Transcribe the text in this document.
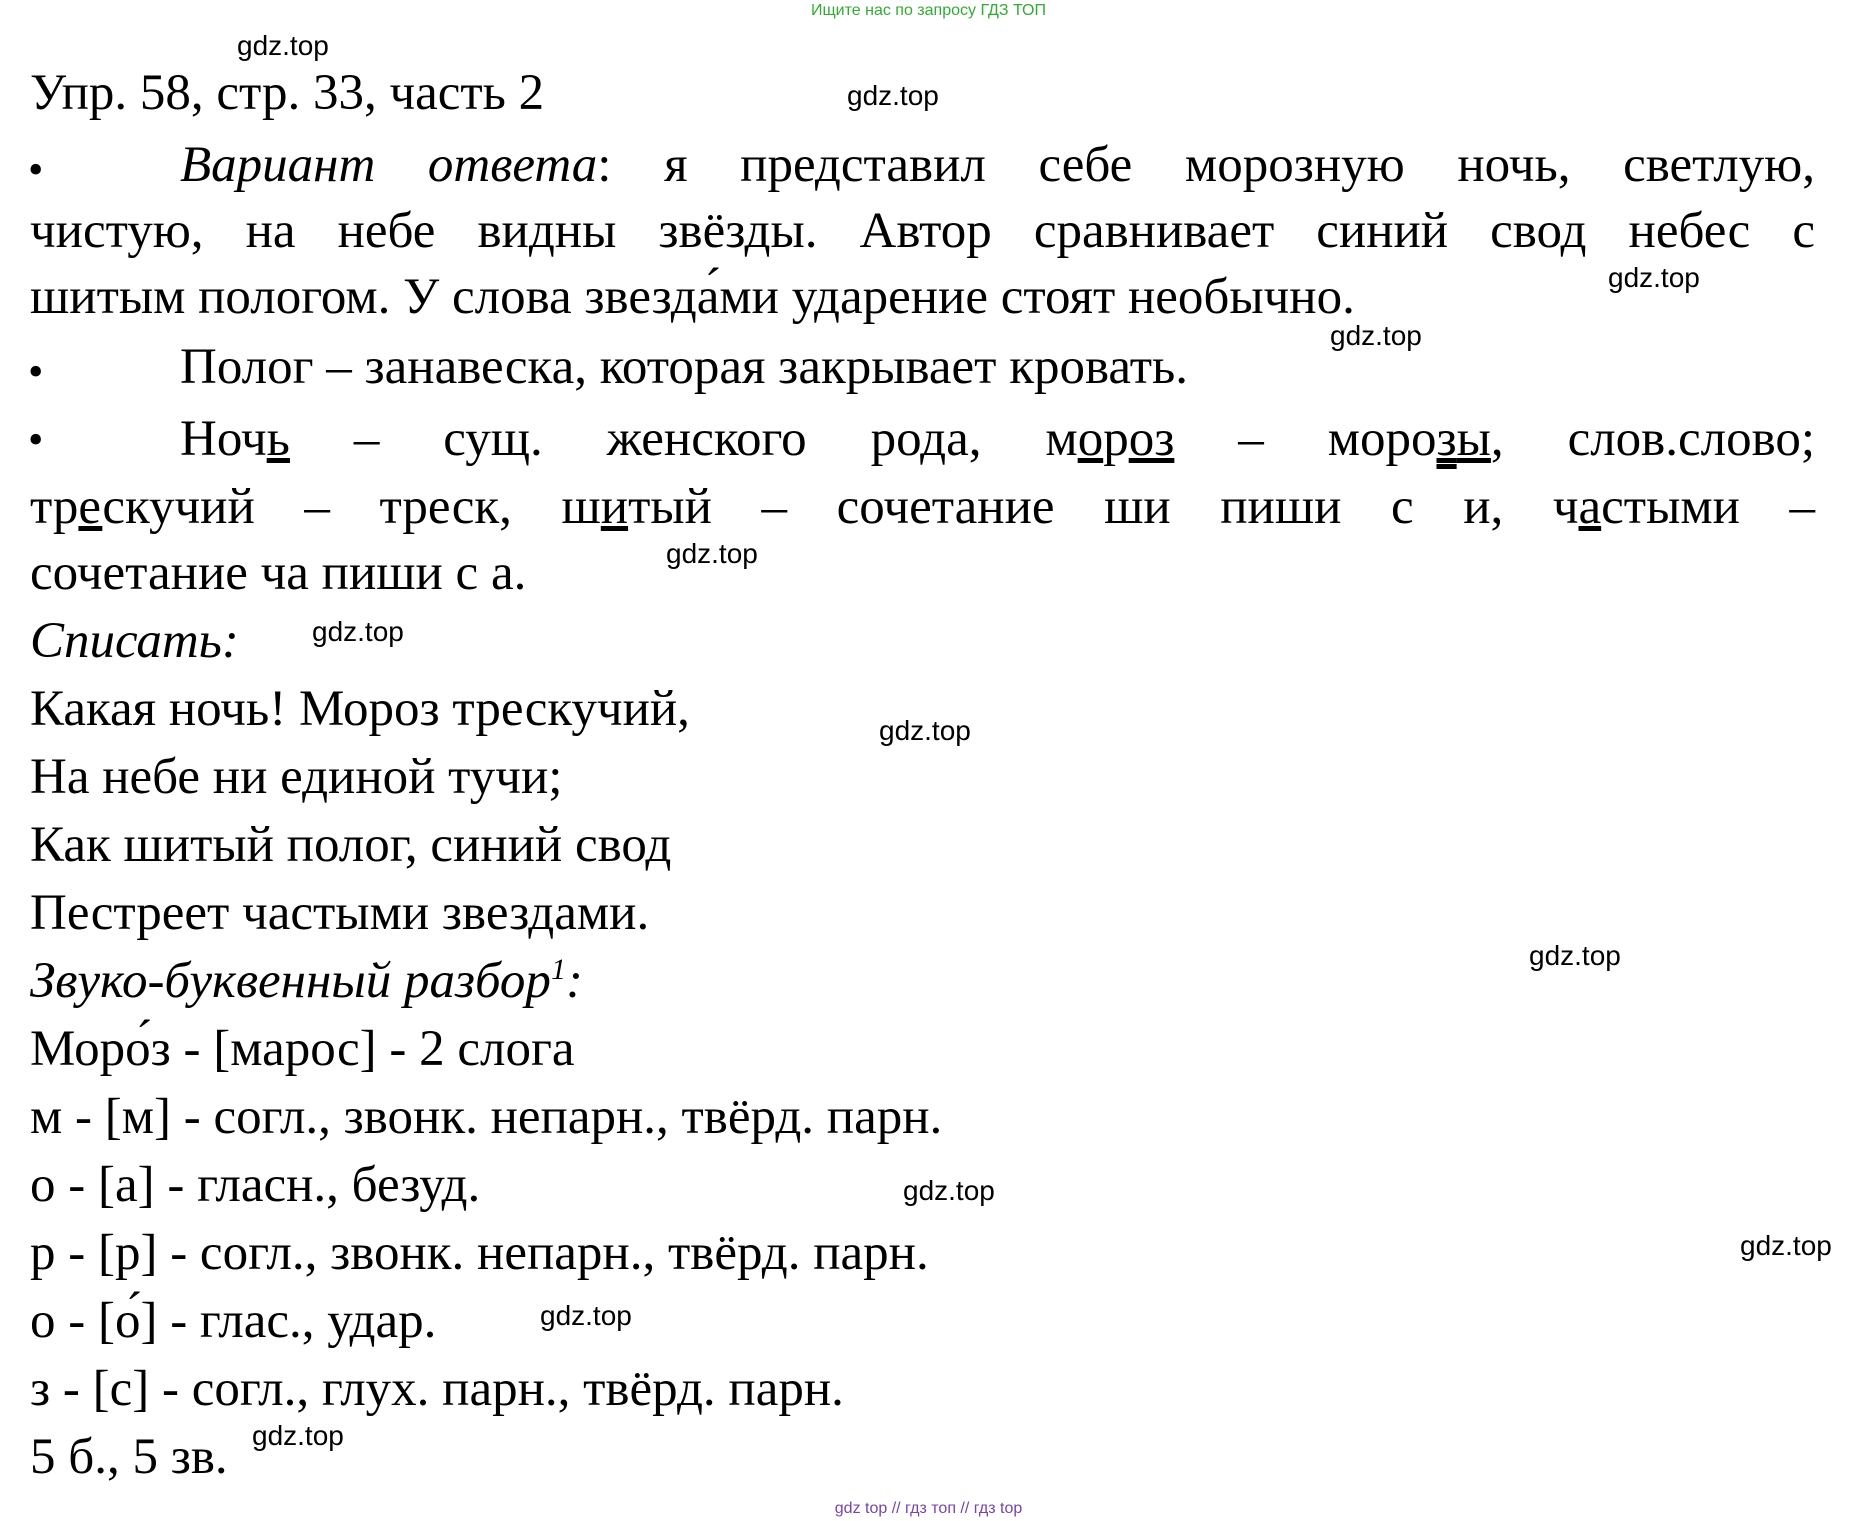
Ищите нас по запросу ГДЗ ТОП
gdz.top
gdz.top
gdz.top
gdz.top
gdz.top
gdz.top
gdz.top
gdz.top
gdz.top
gdz.top
gdz.top
gdz.top
Упр. 58, стр. 33, часть 2
•	Вариант ответа: я представил себе морозную ночь, светлую,
чистую, на небе видны звёзды. Автор сравнивает синий свод небес с
шитым пологом. У слова звезда́ми ударение стоят необычно.
•	Полог – занавеска, которая закрывает кровать.
•	Ночь – сущ. женского рода, мороз – морозы, слов.слово;
трескучий – треск, шитый – сочетание ши пиши с и, частыми –
сочетание ча пиши с а.
Списать:
Какая ночь! Мороз трескучий,
На небе ни единой тучи;
Как шитый полог, синий свод
Пестреет частыми звездами.
Звуко-буквенный разбор$^1$:
Моро́з - [марос] - 2 слога
м - [м] - согл., звонк. непарн., твёрд. парн.
о - [а] - гласн., безуд.
р - [р] - согл., звонк. непарн., твёрд. парн.
о - [о́] - глас., удар.
з - [с] - согл., глух. парн., твёрд. парн.
5 б., 5 зв.
gdz top // гдз топ // гдз top
